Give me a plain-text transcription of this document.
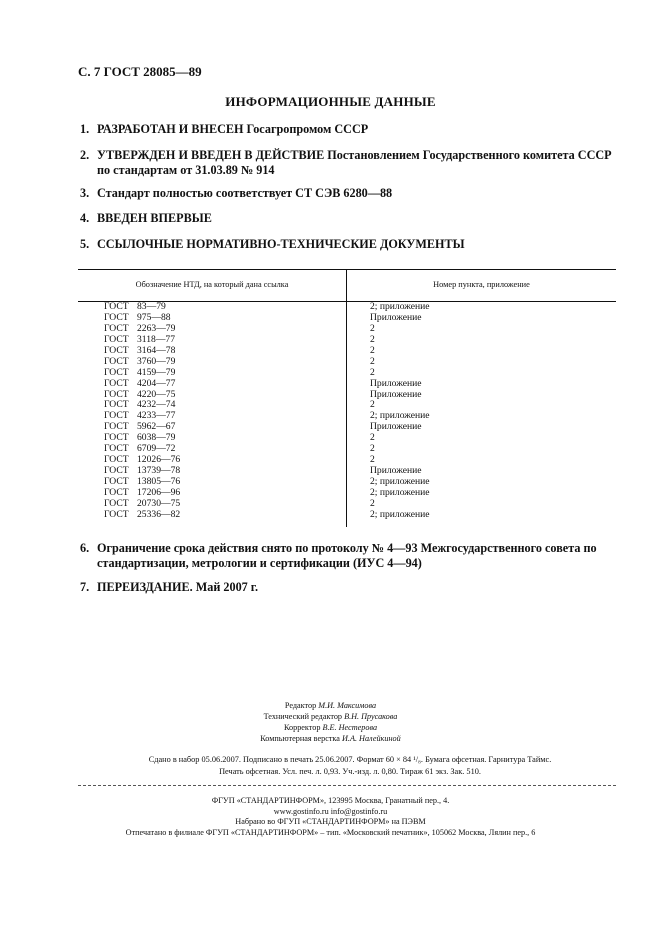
С. 7 ГОСТ 28085—89
ИНФОРМАЦИОННЫЕ ДАННЫЕ
1. РАЗРАБОТАН И ВНЕСЕН Госагропромом СССР
2. УТВЕРЖДЕН И ВВЕДЕН В ДЕЙСТВИЕ Постановлением Государственного комитета СССР по стандартам от 31.03.89 № 914
3. Стандарт полностью соответствует СТ СЭВ 6280—88
4. ВВЕДЕН ВПЕРВЫЕ
5. ССЫЛОЧНЫЕ НОРМАТИВНО-ТЕХНИЧЕСКИЕ ДОКУМЕНТЫ
Обозначение НТД, на который дана ссылка	Номер пункта, приложение
ГОСТ 83—79	2; приложение
ГОСТ 975—88	Приложение
ГОСТ 2263—79	2
ГОСТ 3118—77	2
ГОСТ 3164—78	2
ГОСТ 3760—79	2
ГОСТ 4159—79	2
ГОСТ 4204—77	Приложение
ГОСТ 4220—75	Приложение
ГОСТ 4232—74	2
ГОСТ 4233—77	2; приложение
ГОСТ 5962—67	Приложение
ГОСТ 6038—79	2
ГОСТ 6709—72	2
ГОСТ 12026—76	2
ГОСТ 13739—78	Приложение
ГОСТ 13805—76	2; приложение
ГОСТ 17206—96	2; приложение
ГОСТ 20730—75	2
ГОСТ 25336—82	2; приложение
6. Ограничение срока действия снято по протоколу № 4—93 Межгосударственного совета по стандартизации, метрологии и сертификации (ИУС 4—94)
7. ПЕРЕИЗДАНИЕ. Май 2007 г.
Редактор М.И. Максимова
Технический редактор В.Н. Прусакова
Корректор В.Е. Нестерова
Компьютерная верстка И.А. Налейкиной
Сдано в набор 05.06.2007. Подписано в печать 25.06.2007. Формат 60 × 84 ¹/₈. Бумага офсетная. Гарнитура Таймс.
Печать офсетная. Усл. печ. л. 0,93. Уч.-изд. л. 0,80. Тираж 61 экз. Зак. 510.
ФГУП «СТАНДАРТИНФОРМ», 123995 Москва, Гранатный пер., 4.
www.gostinfo.ru info@gostinfo.ru
Набрано во ФГУП «СТАНДАРТИНФОРМ» на ПЭВМ
Отпечатано в филиале ФГУП «СТАНДАРТИНФОРМ» – тип. «Московский печатник», 105062 Москва, Лялин пер., 6
